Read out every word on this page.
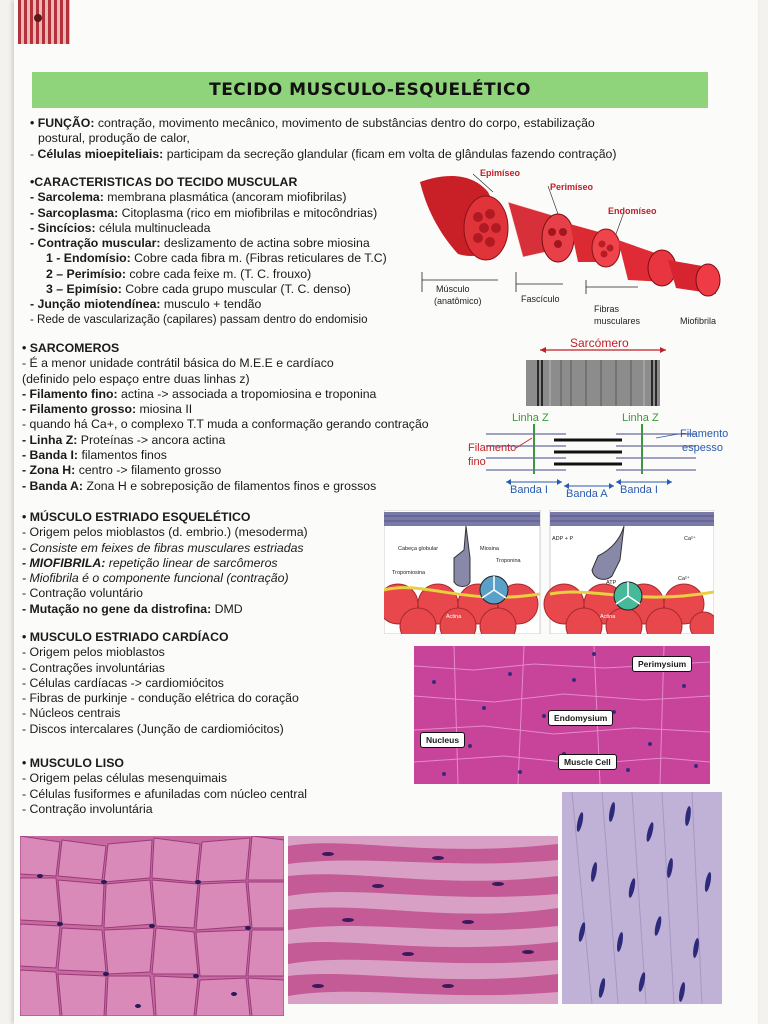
TECIDO MUSCULO-ESQUELÉTICO

• FUNÇÃO: contração, movimento mecânico, movimento de substâncias dentro do corpo, estabilização

postural, produção de calor,

- Células mioepiteliais: participam da secreção glandular (ficam em volta de glândulas fazendo contração)

•CARACTERISTICAS DO TECIDO MUSCULAR

- Sarcolema: membrana plasmática (ancoram miofibrilas)

- Sarcoplasma: Citoplasma (rico em miofibrilas e mitocôndrias)

- Sincícios: célula multinucleada

- Contração muscular: deslizamento de actina sobre miosina

1 - Endomísio: Cobre cada fibra m. (Fibras reticulares de T.C)

2 – Perimísio: cobre cada feixe m. (T. C. frouxo)

3 – Epimísio: Cobre cada grupo muscular (T. C. denso)

- Junção miotendínea: musculo + tendão

- Rede de vascularização (capilares) passam dentro do endomisio

Epimíseo
Perimíseo
Endomíseo
Músculo
(anatômico)	Fascículo
Fibras
musculares	Miofibrila

• SARCOMEROS

- É a menor unidade contrátil básica do M.E.E e cardíaco

(definido pelo espaço entre duas linhas z)

- Filamento fino: actina -> associada a tropomiosina e troponina

- Filamento grosso: miosina II

- quando há Ca+, o complexo T.T muda a conformação gerando contração

- Linha Z: Proteínas -> ancora actina

- Banda I: filamentos finos

- Zona H: centro -> filamento grosso

- Banda A: Zona H e sobreposição de filamentos finos e grossos

Sarcómero
Linha Z	Linha Z
Filamento
fino
Filamento
espesso
Banda I Banda A Banda I

• MÚSCULO ESTRIADO ESQUELÉTICO

- Origem pelos mioblastos (d. embrio.) (mesoderma)

- Consiste em feixes de fibras musculares estriadas

- MIOFIBRILA: repetição linear de sarcômeros

- Miofibrila é o componente funcional (contração)

- Contração voluntário

- Mutação no gene da distrofina: DMD

Cabeça globular	Miosina
Troponina
Tropomiosina
Actina
ADP + P	Ca²⁺
Ca²⁺
ATP
Actina

• MUSCULO ESTRIADO CARDÍACO

- Origem pelos mioblastos

- Contrações involuntárias

- Células cardíacas -> cardiomiócitos

- Fibras de purkinje - condução elétrica do coração

- Núcleos centrais

- Discos intercalares (Junção de cardiomiócitos)

Perimysium
Endomysium
Nucleus
Muscle Cell

• MUSCULO LISO

- Origem pelas células mesenquimais

- Células fusiformes e afuniladas com núcleo central

- Contração involuntária
